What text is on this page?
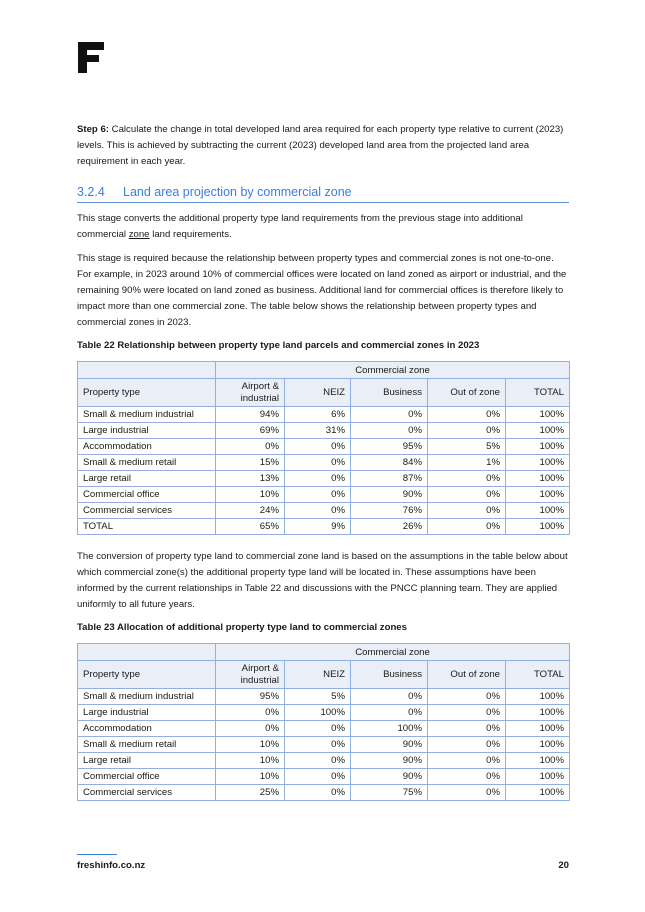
Step 6: Calculate the change in total developed land area required for each property type relative to current (2023) levels. This is achieved by subtracting the current (2023) developed land area from the projected land area requirement in each year.

3.2.4 Land area projection by commercial zone

This stage converts the additional property type land requirements from the previous stage into additional commercial zone land requirements.

This stage is required because the relationship between property types and commercial zones is not one-to-one. For example, in 2023 around 10% of commercial offices were located on land zoned as airport or industrial, and the remaining 90% were located on land zoned as business. Additional land for commercial offices is therefore likely to impact more than one commercial zone. The table below shows the relationship between property types and commercial zones in 2023.

Table 22 Relationship between property type land parcels and commercial zones in 2023

	Commercial zone				
Property type	Airport & industrial	NEIZ	Business	Out of zone	TOTAL
Small & medium industrial	94%	6%	0%	0%	100%
Large industrial	69%	31%	0%	0%	100%
Accommodation	0%	0%	95%	5%	100%
Small & medium retail	15%	0%	84%	1%	100%
Large retail	13%	0%	87%	0%	100%
Commercial office	10%	0%	90%	0%	100%
Commercial services	24%	0%	76%	0%	100%
TOTAL	65%	9%	26%	0%	100%

The conversion of property type land to commercial zone land is based on the assumptions in the table below about which commercial zone(s) the additional property type land will be located in. These assumptions have been informed by the current relationships in Table 22 and discussions with the PNCC planning team. They are applied uniformly to all future years.

Table 23 Allocation of additional property type land to commercial zones

	Commercial zone				
Property type	Airport & industrial	NEIZ	Business	Out of zone	TOTAL
Small & medium industrial	95%	5%	0%	0%	100%
Large industrial	0%	100%	0%	0%	100%
Accommodation	0%	0%	100%	0%	100%
Small & medium retail	10%	0%	90%	0%	100%
Large retail	10%	0%	90%	0%	100%
Commercial office	10%	0%	90%	0%	100%
Commercial services	25%	0%	75%	0%	100%
freshinfo.co.nz	20
